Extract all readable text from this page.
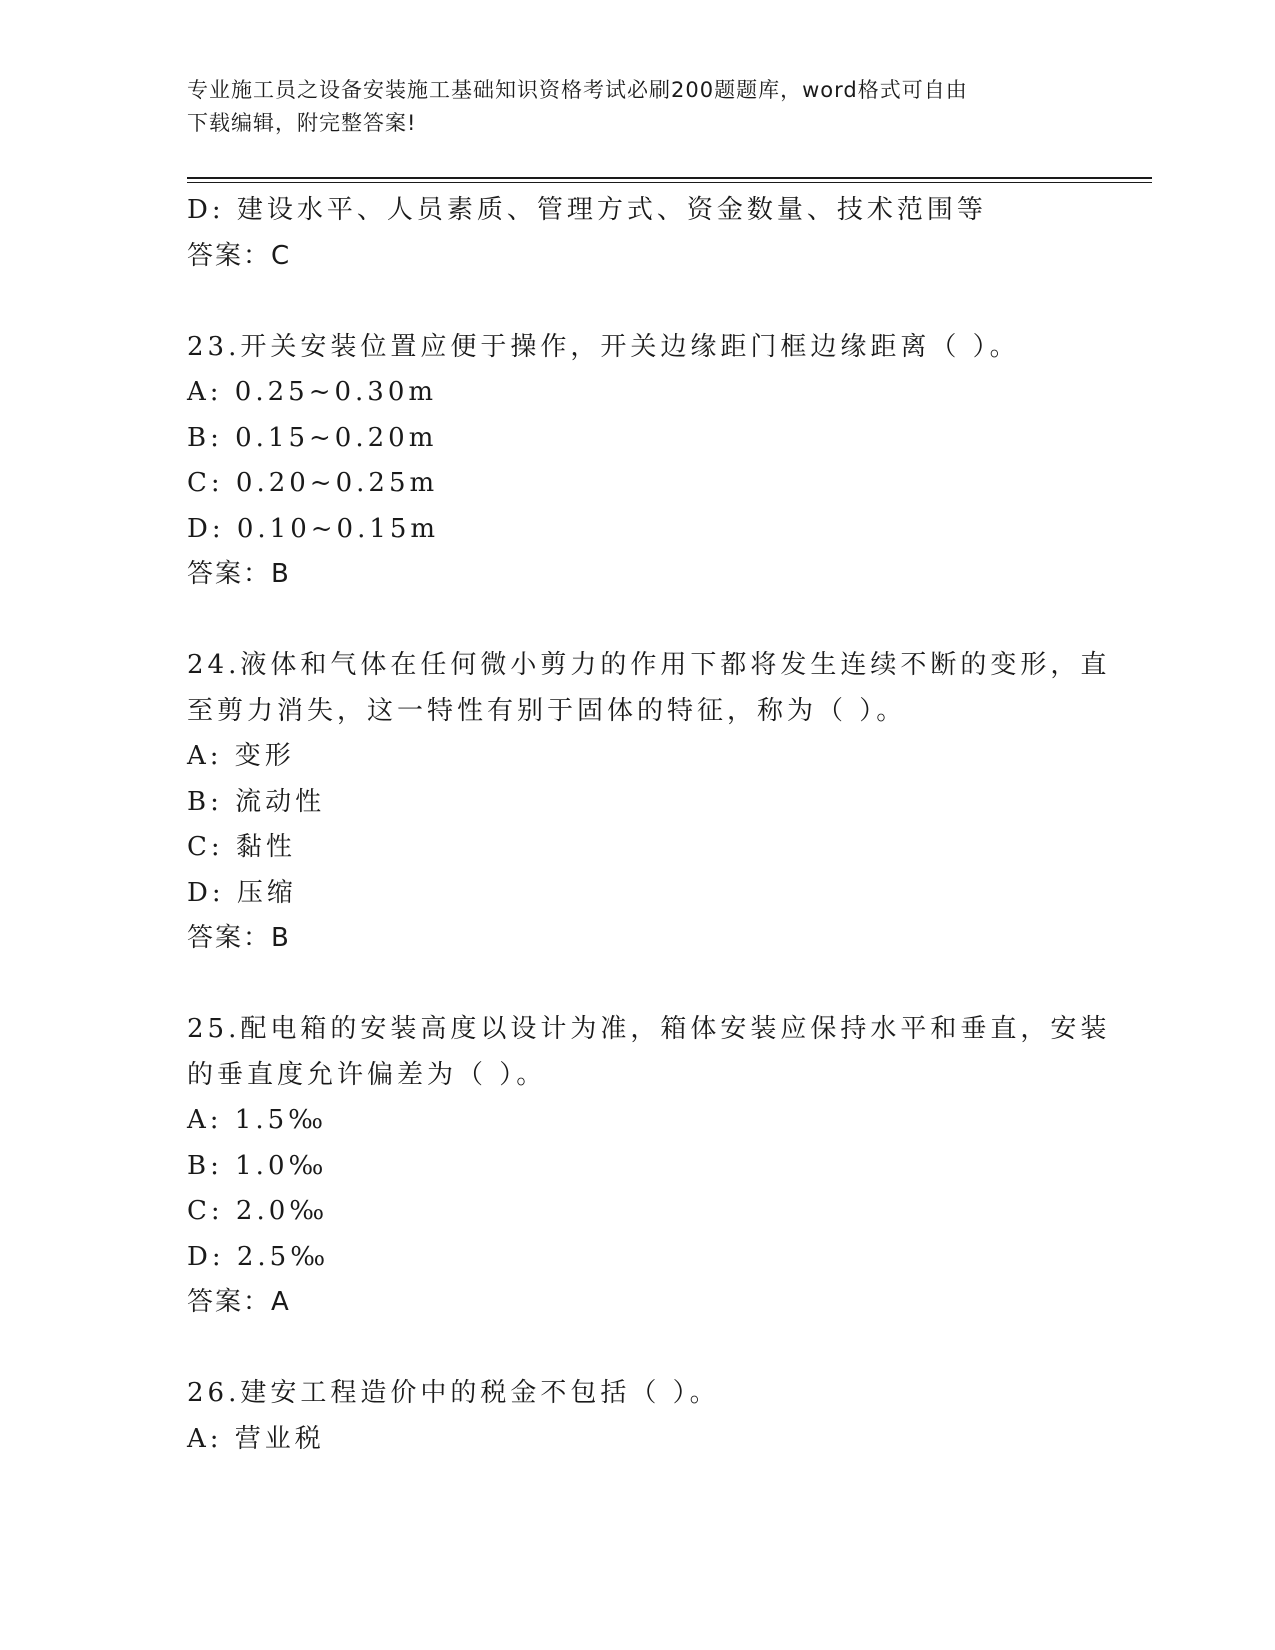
专业施工员之设备安装施工基础知识资格考试必刷200题题库，word格式可自由
下载编辑，附完整答案!
D: 建设水平、人员素质、管理方式、资金数量、技术范围等
答案：C
23.开关安装位置应便于操作，开关边缘距门框边缘距离（ ）。
A: 0.25~0.30m
B: 0.15~0.20m
C: 0.20~0.25m
D: 0.10~0.15m
答案：B
24.液体和气体在任何微小剪力的作用下都将发生连续不断的变形，直
至剪力消失，这一特性有别于固体的特征，称为（ ）。
A: 变形
B: 流动性
C: 黏性
D: 压缩
答案：B
25.配电箱的安装高度以设计为准，箱体安装应保持水平和垂直，安装
的垂直度允许偏差为（ ）。
A: 1.5‰
B: 1.0‰
C: 2.0‰
D: 2.5‰
答案：A
26.建安工程造价中的税金不包括（ ）。
A: 营业税
